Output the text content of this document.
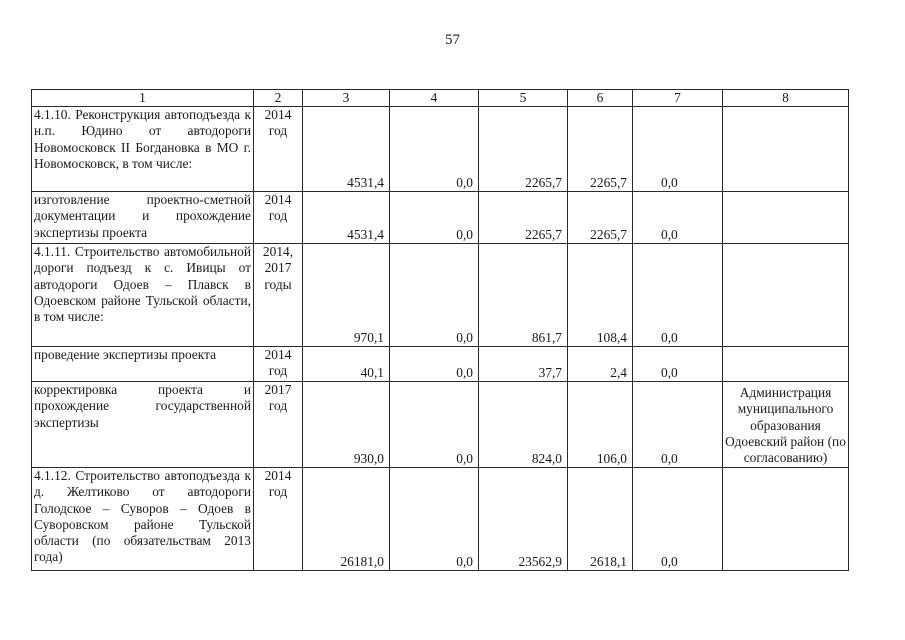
57
1	2	3	4	5	6	7	8
4.1.10. Реконструкция автоподъезда к н.п. Юдино от автодороги Новомосковск II Богдановка в МО г. Новомосковск, в том числе:	2014 год	4531,4	0,0	2265,7	2265,7	0,0	
изготовление проектно-сметной документации и прохождение экспертизы проекта	2014 год	4531,4	0,0	2265,7	2265,7	0,0	
4.1.11. Строительство автомобильной дороги подъезд к с. Ивицы от автодороги Одоев – Плавск в Одоевском районе Тульской области, в том числе:	2014, 2017 годы	970,1	0,0	861,7	108,4	0,0	
проведение экспертизы проекта	2014 год	40,1	0,0	37,7	2,4	0,0	
корректировка проекта и прохождение государственной экспертизы	2017 год	930,0	0,0	824,0	106,0	0,0	Администрация муниципального образования Одоевский район (по согласованию)
4.1.12. Строительство автоподъезда к д. Желтиково от автодороги Голодское – Суворов – Одоев в Суворовском районе Тульской области (по обязательствам 2013 года)	2014 год	26181,0	0,0	23562,9	2618,1	0,0	
